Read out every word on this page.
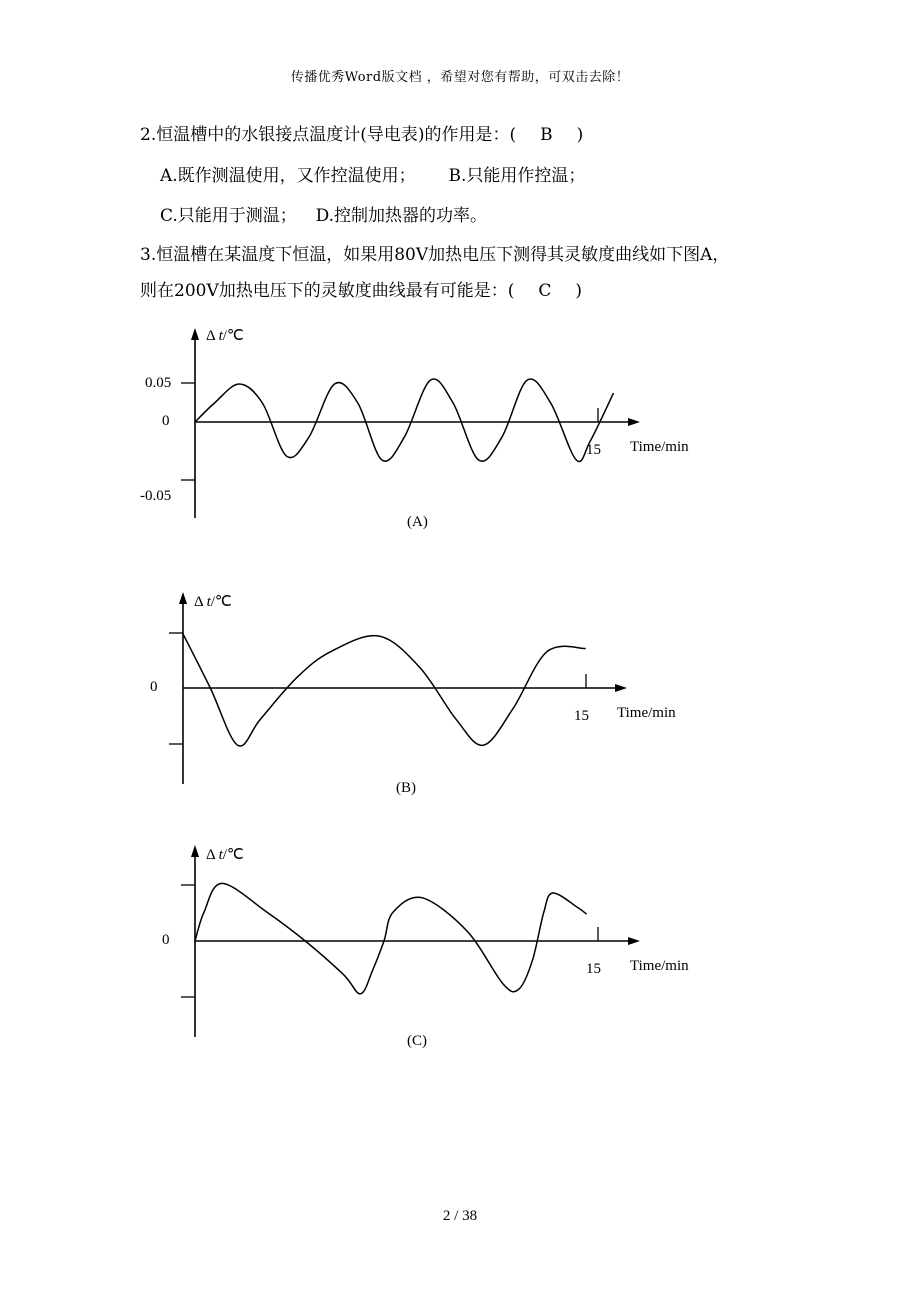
传播优秀Word版文档 ，希望对您有帮助，可双击去除！
2.恒温槽中的水银接点温度计(导电表)的作用是：( B )
A.既作测温使用，又作控温使用； B.只能用作控温；
C.只能用于测温； D.控制加热器的功率。
3.恒温槽在某温度下恒温，如果用80V加热电压下测得其灵敏度曲线如下图A，
则在200V加热电压下的灵敏度曲线最有可能是：( C )
Δ t/℃
0.05
0
-0.05
15 Time/min
(A)
Δ t/℃
0
15 Time/min
(B)
Δ t/℃
0
15 Time/min
(C)
2 / 38
